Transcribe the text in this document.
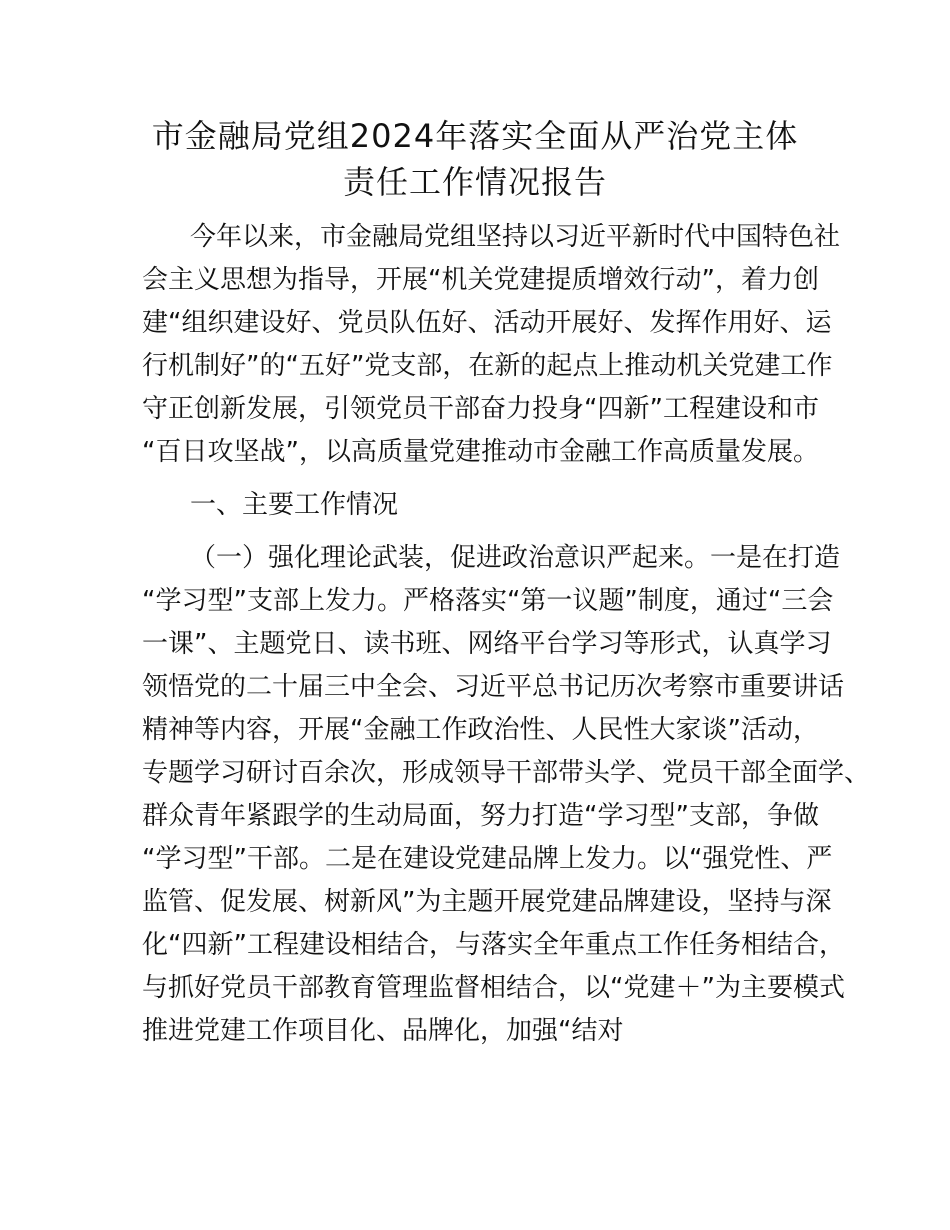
市金融局党组2024年落实全面从严治党主体
责任工作情况报告
今年以来，市金融局党组坚持以习近平新时代中国特色社
会主义思想为指导，开展“机关党建提质增效行动”，着力创
建“组织建设好、党员队伍好、活动开展好、发挥作用好、运
行机制好”的“五好”党支部，在新的起点上推动机关党建工作
守正创新发展，引领党员干部奋力投身“四新”工程建设和市
“百日攻坚战”，以高质量党建推动市金融工作高质量发展。
一、主要工作情况
（一）强化理论武装，促进政治意识严起来。一是在打造
“学习型”支部上发力。严格落实“第一议题”制度，通过“三会
一课”、主题党日、读书班、网络平台学习等形式，认真学习
领悟党的二十届三中全会、习近平总书记历次考察市重要讲话
精神等内容，开展“金融工作政治性、人民性大家谈”活动，
专题学习研讨百余次，形成领导干部带头学、党员干部全面学、
群众青年紧跟学的生动局面，努力打造“学习型”支部，争做
“学习型”干部。二是在建设党建品牌上发力。以“强党性、严
监管、促发展、树新风”为主题开展党建品牌建设，坚持与深
化“四新”工程建设相结合，与落实全年重点工作任务相结合，
与抓好党员干部教育管理监督相结合，以“党建＋”为主要模式
推进党建工作项目化、品牌化，加强“结对
